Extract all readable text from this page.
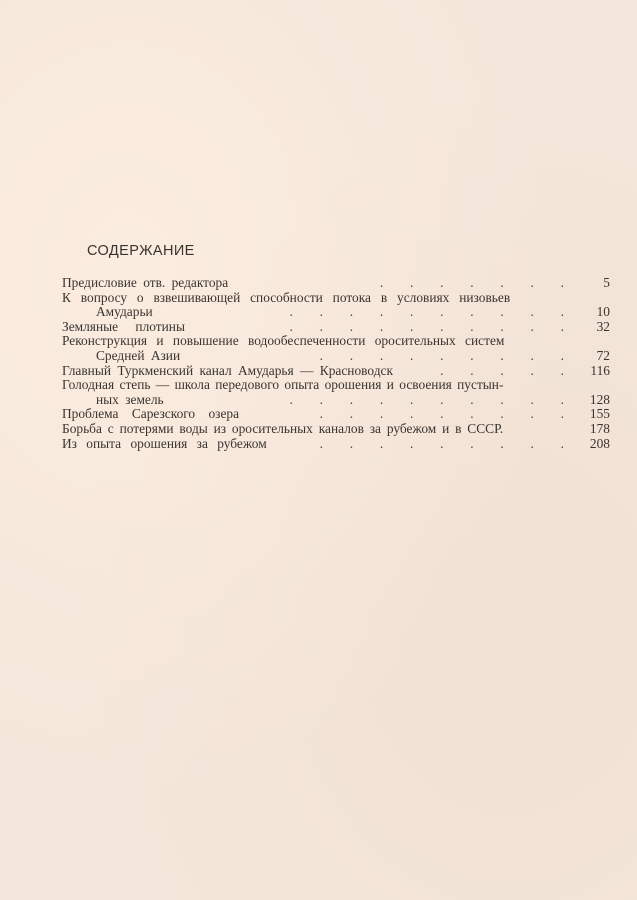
СОДЕРЖАНИЕ
Предисловие отв. редактора	.        .        .        .        .        .        .	5
К вопросу о взвешивающей способности потока в условиях низовьев
Амударьи	.        .        .        .        .        .        .        .        .        . 10
Земляные плотины	.        .        .        .        .        .        .        .        .        . 32
Реконструкция и повышение водообеспеченности оросительных систем
Средней Азии	.        .        .        .        .        .        .        .        . 72
Главный Туркменский канал Амударья — Красноводск	.        .        .        .        . 116
Голодная степь — школа передового опыта орошения и освоения пустын-
ных земель	.        .        .        .        .        .        .        .        .        . 128
Проблема Сарезского озера	.        .        .        .        .        .        .        .        . 155
Борьба с потерями воды из оросительных каналов за рубежом и в СССР.	178
Из опыта орошения за рубежом	.        .        .        .        .        .        .        .        . 208
